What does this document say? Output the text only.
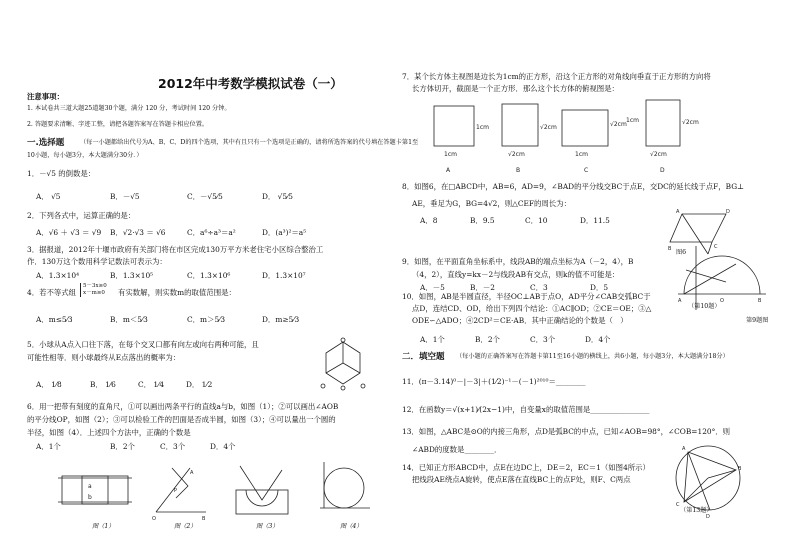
2012年中考数学模拟试卷（一）
注意事项：
1. 本试卷共三道大题25道题30个题，满分 120 分，考试时间 120 分钟。
2. 答题要求清晰、字迹工整，请把各题答案写在答题卡相应位置。
一.选择题	（每一小题都给出代号为A、B、C、D的四个选项，其中有且只有一个选项是正确的，请将所选答案的代号填在答题卡第1至
10小题，每小题3分，本大题满分30分．）
1．－√5 的倒数是：
A． √5	B．－√5	C．－√5⁄5	D． √5⁄5
2．下列各式中，运算正确的是：
A．√6 ＋ √3 ＝ √9 B．√2·√3 ＝ √6	C．a⁶÷a³＝a²	D．(a³)²＝a⁵
3．据报道，2012年十堰市政府有关部门将在市区完成130万平方米老住宅小区综合整治工
作．130万这个数用科学记数法可表示为：
A．1.3×10⁴	B．1.3×10⁵	C．1.3×10⁶	D．1.3×10⁷
4．若不等式组
5－3x≥0
x－m≥0 有实数解，则实数m的取值范围是：
A．m≤5⁄3	B．m＜5⁄3	C．m＞5⁄3	D．m≥5⁄3
5．小球从A点入口往下落，在每个交叉口都有向左或向右两种可能，且
可能性相等．则小球最终从E点落出的概率为：
A． 1⁄8	B． 1⁄6	C． 1⁄4	D． 1⁄2
6．用一把带有刻度的直角尺，①可以画出两条平行的直线a与b，如图（1）；②可以画出∠AOB
的平分线OP，如图（2）；③可以检验工件的凹面是否成半圆，如图（3）；④可以量出一个圆的
半径，如图（4）．上述四个方法中，正确的个数是
A．1个	B．2个	C．3个	D．4个
a
b
O
A
B
P
图（1）	图（2）	图（3）	图（4）
7．某个长方体主视图是边长为1cm的正方形，沿这个正方形的对角线向垂直于正方形的方向将
长方体切开，截面是一个正方形．那么这个长方体的俯视图是：
1cm
1cm
√2cm
√2cm
√2cm
1cm
1cm	√2cm
√2cm
A	B	C	D
8．如图6，在□ABCD中，AB=6，AD=9，∠BAD的平分线交BC于点E，交DC的延长线于点F，BG⊥
AE，垂足为G，BG=4√2，则△CEF的周长为：
A．8	B．9.5	C．10	D．11.5
A	D
B	C
图6
9．如图，在平面直角坐标系中，线段AB的端点坐标为A（－2，4），B
（4，2），直线y=kx－2与线段AB有交点，则k的值不可能是：
A．－5	B．－2	C．3	D．5
B
A	O
（第10题）
第9题图
10．如图，AB是半圆直径，半径OC⊥AB于点O，AD平分∠CAB交弧BC于
点D，连结CD、OD，给出下列四个结论：①AC∥OD；②CE＝OE；③△
ODE∽△ADO；④2CD²＝CE·AB．其中正确结论的个数是（　）
A．1个	B．2个	C．3个	D．4个
二．填空题 （每小题的正确答案写在答题卡第11至16小题的横线上，共6小题，每小题3分，本大题满分18分）
11．(π－3.14)⁰－|－3|＋(1⁄2)⁻¹－(－1)²⁰¹⁰＝________
12．在函数y＝√(x+1)⁄(2x−1)中，自变量x的取值范围是________________
13．如图，△ABC是⊙O的内接三角形，点D是弧BC的中点，已知∠AOB=98°，∠COB=120°．则
∠ABD的度数是________．
14．已知正方形ABCD中，点E在边DC上，DE＝2，EC＝1（如图4所示）
把线段AE绕点A旋转，使点E落在直线BC上的点F处，则F、C两点
A
B
C
D
（第13题）
